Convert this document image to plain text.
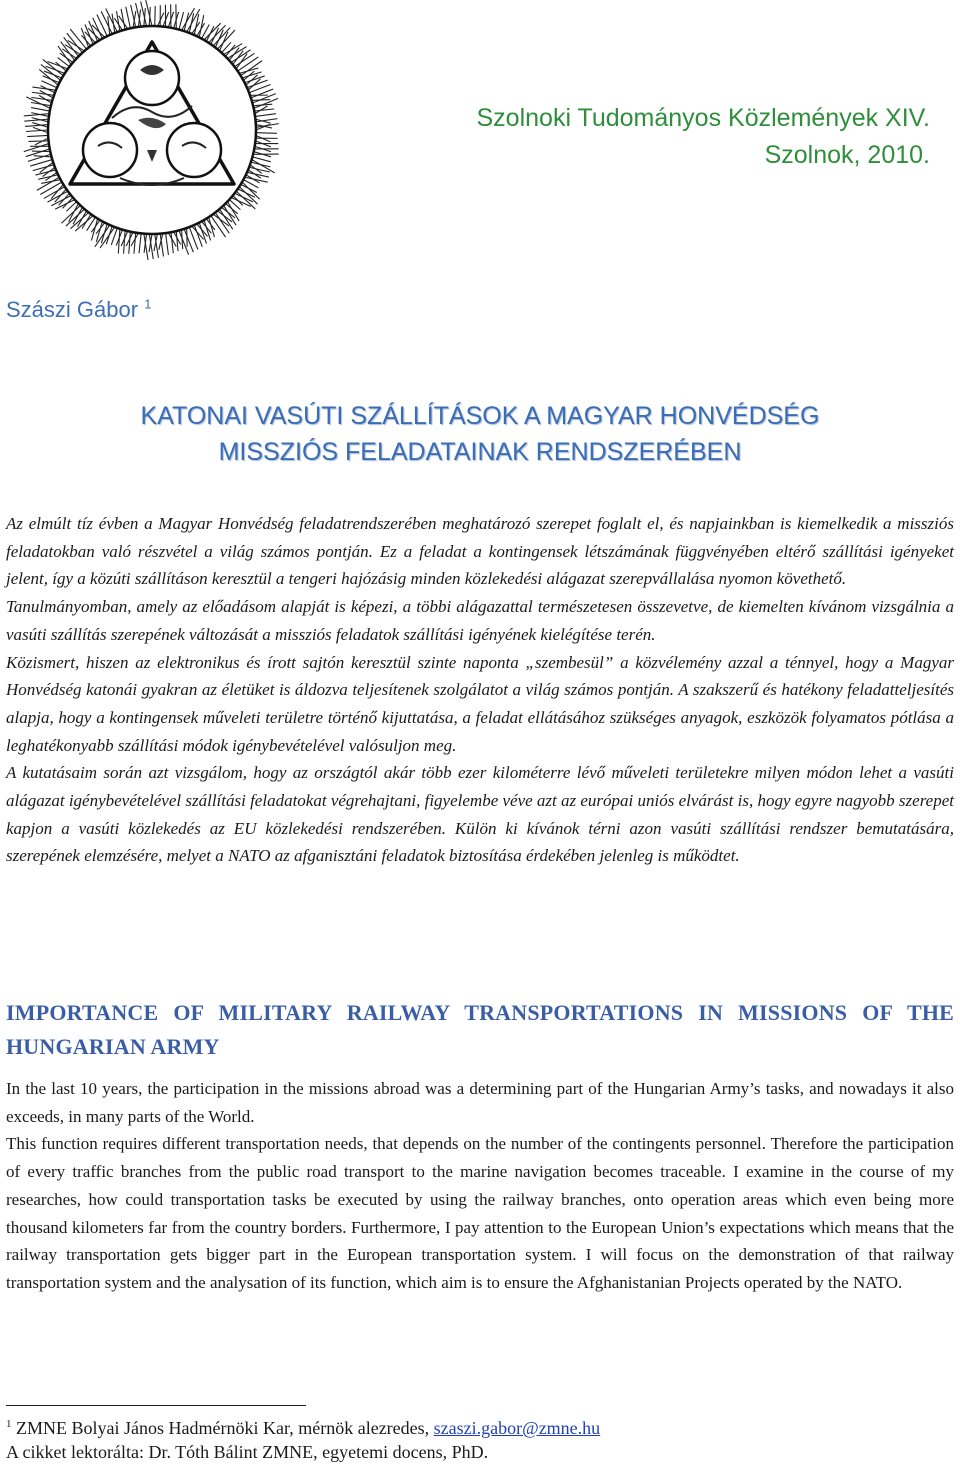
Szolnoki Tudományos Közlemények XIV.
Szolnok, 2010.
Szászi Gábor $^1$
KATONAI VASÚTI SZÁLLÍTÁSOK A MAGYAR HONVÉDSÉG
MISSZIÓS FELADATAINAK RENDSZERÉBEN

Az elmúlt tíz évben a Magyar Honvédség feladatrendszerében meghatározó szerepet foglalt el, és napjainkban is kiemelkedik a missziós feladatokban való részvétel a világ számos pontján. Ez a feladat a kontingensek létszámának függvényében eltérő szállítási igényeket jelent, így a közúti szállításon keresztül a tengeri hajózásig minden közlekedési alágazat szerepvállalása nyomon követhető.

Tanulmányomban, amely az előadásom alapját is képezi, a többi alágazattal természetesen összevetve, de kiemelten kívánom vizsgálnia a vasúti szállítás szerepének változását a missziós feladatok szállítási igényének kielégítése terén.

Közismert, hiszen az elektronikus és írott sajtón keresztül szinte naponta „szembesül” a közvélemény azzal a ténnyel, hogy a Magyar Honvédség katonái gyakran az életüket is áldozva teljesítenek szolgálatot a világ számos pontján. A szakszerű és hatékony feladatteljesítés alapja, hogy a kontingensek műveleti területre történő kijuttatása, a feladat ellátásához szükséges anyagok, eszközök folyamatos pótlása a leghatékonyabb szállítási módok igénybevételével valósuljon meg.

A kutatásaim során azt vizsgálom, hogy az országtól akár több ezer kilométerre lévő műveleti területekre milyen módon lehet a vasúti alágazat igénybevételével szállítási feladatokat végrehajtani, figyelembe véve azt az európai uniós elvárást is, hogy egyre nagyobb szerepet kapjon a vasúti közlekedés az EU közlekedési rendszerében. Külön ki kívánok térni azon vasúti szállítási rendszer bemutatására, szerepének elemzésére, melyet a NATO az afganisztáni feladatok biztosítása érdekében jelenleg is működtet.

IMPORTANCE OF MILITARY RAILWAY TRANSPORTATIONS IN MISSIONS OF THE HUNGARIAN ARMY

In the last 10 years, the participation in the missions abroad was a determining part of the Hungarian Army’s tasks, and nowadays it also exceeds, in many parts of the World.

This function requires different transportation needs, that depends on the number of the contingents personnel. Therefore the participation of every traffic branches from the public road transport to the marine navigation becomes traceable. I examine in the course of my researches, how could transportation tasks be executed by using the railway branches, onto operation areas which even being more thousand kilometers far from the country borders. Furthermore, I pay attention to the European Union’s expectations which means that the railway transportation gets bigger part in the European transportation system. I will focus on the demonstration of that railway transportation system and the analysation of its function, which aim is to ensure the Afghanistanian Projects operated by the NATO.

$^1$ ZMNE Bolyai János Hadmérnöki Kar, mérnök alezredes, szaszi.gabor@zmne.hu

A cikket lektorálta: Dr. Tóth Bálint ZMNE, egyetemi docens, PhD.
